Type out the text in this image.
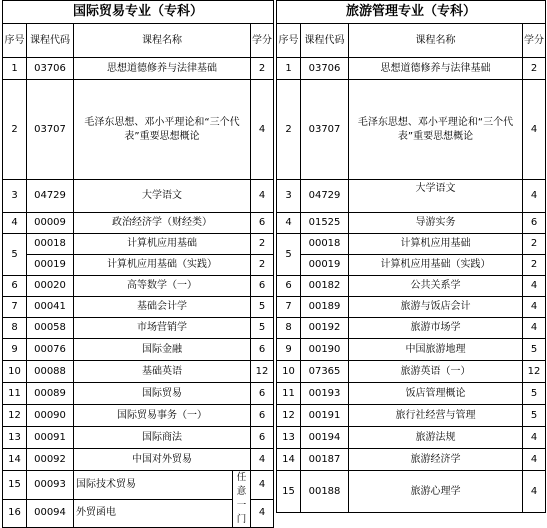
国际贸易专业（专科）				
序号	课程代码	课程名称		学分
1	03706	思想道德修养与法律基础		2
2	03707	毛泽东思想、邓小平理论和“三个代表”重要思想概论		4
3	04729	大学语文		4
4	00009	政治经济学（财经类）		6
5	00018	计算机应用基础		2
	00019	计算机应用基础（实践）		2
6	00020	高等数学（一）		6
7	00041	基础会计学		5
8	00058	市场营销学		5
9	00076	国际金融		6
10	00088	基础英语		12
11	00089	国际贸易		6
12	00090	国际贸易事务（一）		6
13	00091	国际商法		6
14	00092	中国对外贸易		4
15	00093	国际技术贸易	任意一门	4
16	00094	外贸函电		4
旅游管理专业（专科）			
序号	课程代码	课程名称	学分
1	03706	思想道德修养与法律基础	2
2	03707	毛泽东思想、邓小平理论和“三个代表”重要思想概论	4
3	04729	大学语文	4
4	01525	导游实务	6
5	00018	计算机应用基础	2
	00019	计算机应用基础（实践）	2
6	00182	公共关系学	4
7	00189	旅游与饭店会计	4
8	00192	旅游市场学	4
9	00190	中国旅游地理	5
10	07365	旅游英语（一）	12
11	00193	饭店管理概论	5
12	00191	旅行社经营与管理	5
13	00194	旅游法规	4
14	00187	旅游经济学	4
15	00188	旅游心理学	4
